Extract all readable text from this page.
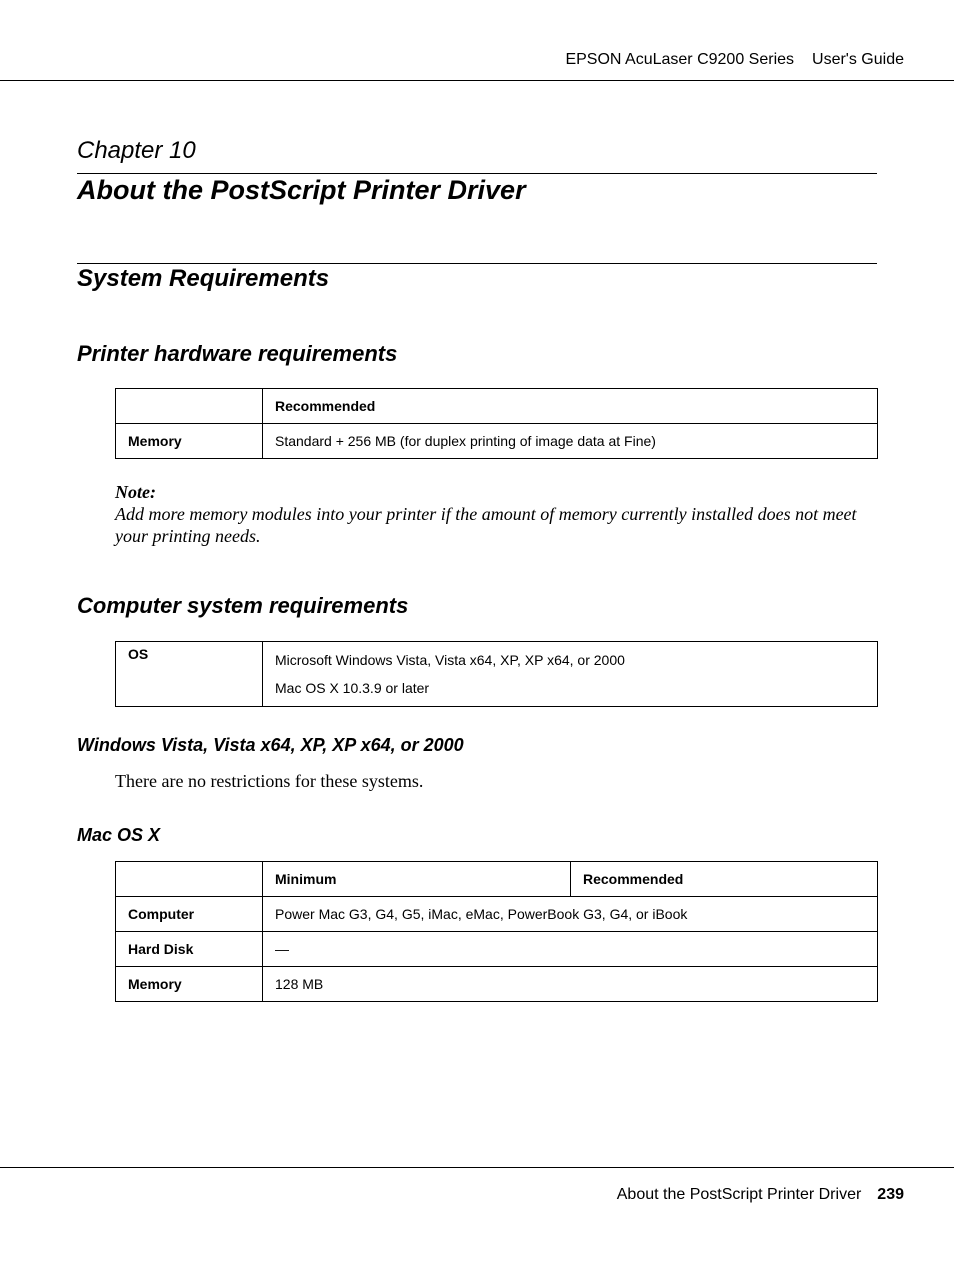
EPSON AcuLaser C9200 Series User's Guide
Chapter 10
About the PostScript Printer Driver
System Requirements
Printer hardware requirements
	Recommended
Memory	Standard + 256 MB (for duplex printing of image data at Fine)
Note:
Add more memory modules into your printer if the amount of memory currently installed does not meet your printing needs.
Computer system requirements
OS	Microsoft Windows Vista, Vista x64, XP, XP x64, or 2000
Mac OS X 10.3.9 or later
Windows Vista, Vista x64, XP, XP x64, or 2000
There are no restrictions for these systems.
Mac OS X
	Minimum	Recommended
Computer	Power Mac G3, G4, G5, iMac, eMac, PowerBook G3, G4, or iBook	
Hard Disk	—	
Memory	128 MB	
About the PostScript Printer Driver 239
